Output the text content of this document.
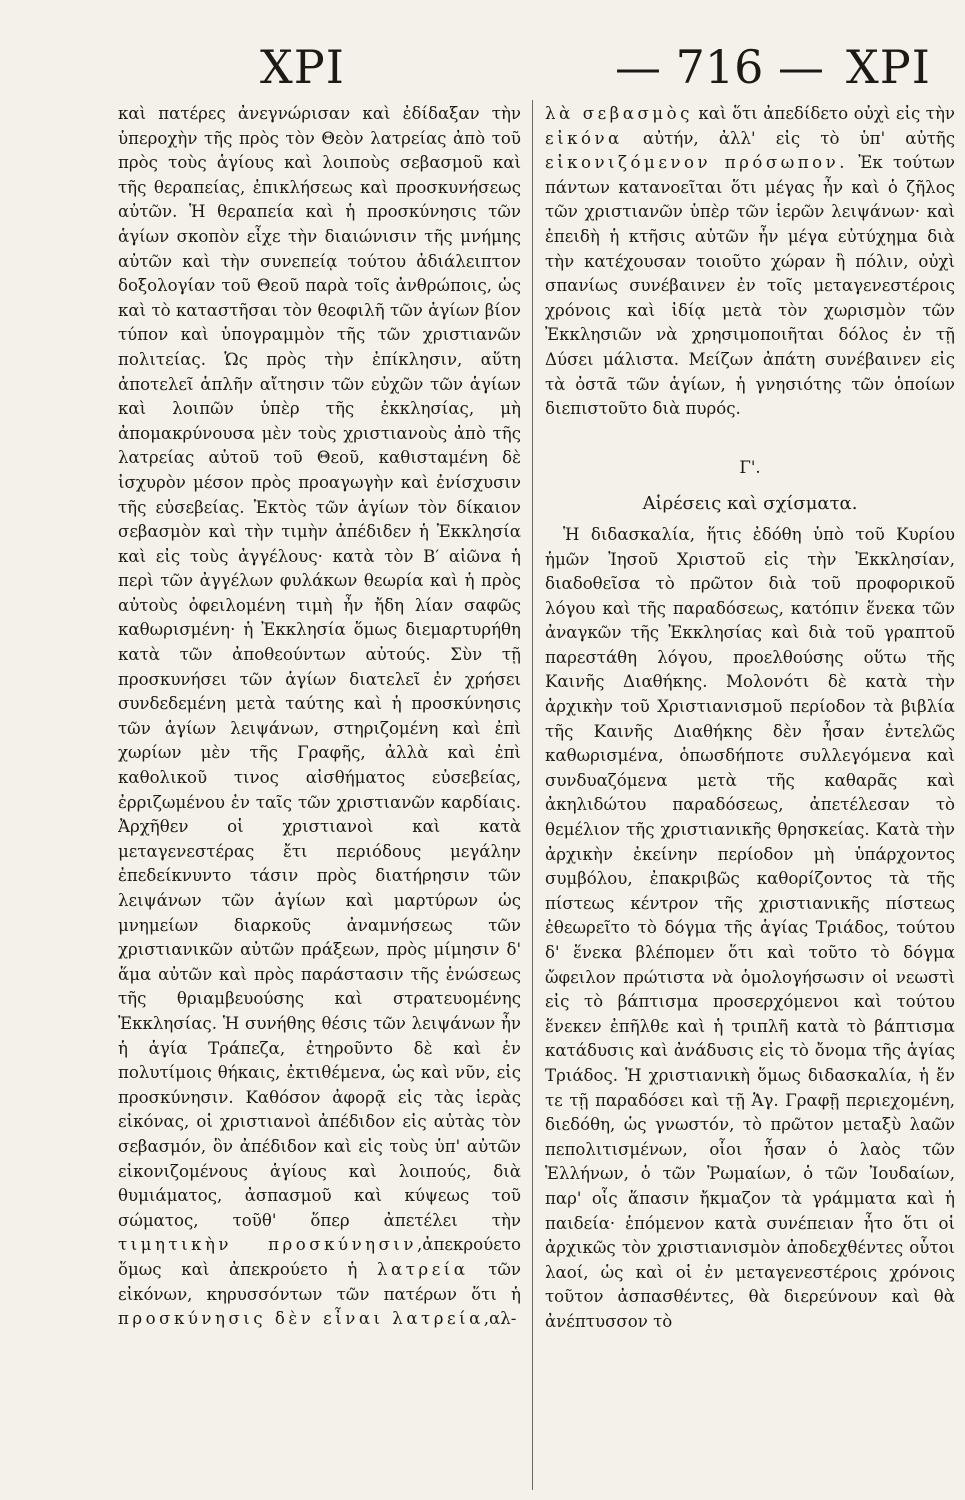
ΧΡΙ	— 716 — ΧΡΙ

καὶ πατέρες ἀνεγνώρισαν καὶ ἐδίδαξαν τὴν ὑπεροχὴν τῆς πρὸς τὸν Θεὸν λατρείας ἀπὸ τοῦ πρὸς τοὺς ἁγίους καὶ λοιποὺς σεβασμοῦ καὶ τῆς θεραπείας, ἐπικλήσεως καὶ προσκυνήσεως αὐτῶν. Ἡ θεραπεία καὶ ἡ προσκύνησις τῶν ἁγίων σκοπὸν εἶχε τὴν διαιώνισιν τῆς μνήμης αὐτῶν καὶ τὴν συνεπείᾳ τούτου ἀδιάλειπτον δοξολογίαν τοῦ Θεοῦ παρὰ τοῖς ἀνθρώποις, ὡς καὶ τὸ καταστῆσαι τὸν θεοφιλῆ τῶν ἁγίων βίον τύπον καὶ ὑπογραμμὸν τῆς τῶν χριστιανῶν πολιτείας. Ὡς πρὸς τὴν ἐπίκλησιν, αὕτη ἀποτελεῖ ἁπλῆν αἴτησιν τῶν εὐχῶν τῶν ἁγίων καὶ λοιπῶν ὑπὲρ τῆς ἐκκλησίας, μὴ ἀπομακρύνουσα μὲν τοὺς χριστιανοὺς ἀπὸ τῆς λατρείας αὐτοῦ τοῦ Θεοῦ, καθισταμένη δὲ ἰσχυρὸν μέσον πρὸς προαγωγὴν καὶ ἐνίσχυσιν τῆς εὐσεβείας. Ἐκτὸς τῶν ἁγίων τὸν δίκαιον σεβασμὸν καὶ τὴν τιμὴν ἀπέδιδεν ἡ Ἐκκλησία καὶ εἰς τοὺς ἀγγέλους· κατὰ τὸν Β′ αἰῶνα ἡ περὶ τῶν ἀγγέλων φυλάκων θεωρία καὶ ἡ πρὸς αὐτοὺς ὀφειλομένη τιμὴ ἦν ἤδη λίαν σαφῶς καθωρισμένη· ἡ Ἐκκλησία ὅμως διεμαρτυρήθη κατὰ τῶν ἀποθεούντων αὐτούς. Σὺν τῇ προσκυνήσει τῶν ἁγίων διατελεῖ ἐν χρήσει συνδεδεμένη μετὰ ταύτης καὶ ἡ προσκύνησις τῶν ἁγίων λειψάνων, στηριζομένη καὶ ἐπὶ χωρίων μὲν τῆς Γραφῆς, ἀλλὰ καὶ ἐπὶ καθολικοῦ τινος αἰσθήματος εὐσεβείας, ἐρριζωμένου ἐν ταῖς τῶν χριστιανῶν καρδίαις. Ἀρχῆθεν οἱ χριστιανοὶ καὶ κατὰ μεταγενεστέρας ἔτι περιόδους μεγάλην ἐπεδείκνυντο τάσιν πρὸς διατήρησιν τῶν λειψάνων τῶν ἁγίων καὶ μαρτύρων ὡς μνημείων διαρκοῦς ἀναμνήσεως τῶν χριστιανικῶν αὐτῶν πράξεων, πρὸς μίμησιν δ' ἅμα αὐτῶν καὶ πρὸς παράστασιν τῆς ἑνώσεως τῆς θριαμβευούσης καὶ στρατευομένης Ἐκκλησίας. Ἡ συνήθης θέσις τῶν λειψάνων ἦν ἡ ἁγία Τράπεζα, ἐτηροῦντο δὲ καὶ ἐν πολυτίμοις θήκαις, ἐκτιθέμενα, ὡς καὶ νῦν, εἰς προσκύνησιν. Καθόσον ἀφορᾷ εἰς τὰς ἱερὰς εἰκόνας, οἱ χριστιανοὶ ἀπέδιδον εἰς αὐτὰς τὸν σεβασμόν, ὃν ἀπέδιδον καὶ εἰς τοὺς ὑπ' αὐτῶν εἰκονιζομένους ἁγίους καὶ λοιπούς, διὰ θυμιάματος, ἀσπασμοῦ καὶ κύψεως τοῦ σώματος, τοῦθ' ὅπερ ἀπετέλει τὴν τιμητικὴν προσκύνησιν,ἀπεκρούετο ὅμως καὶ ἀπεκρούετο ἡ λατρεία τῶν εἰκόνων, κηρυσσόντων τῶν πατέρων ὅτι ἡ προσκύνησις δὲν εἶναι λατρεία,αλ-

λὰ σεβασμὸς καὶ ὅτι ἀπεδίδετο οὐχὶ εἰς τὴν εἰκόνα αὐτήν, ἀλλ' εἰς τὸ ὑπ' αὐτῆς εἰκονιζόμενον πρόσωπον. Ἐκ τούτων πάντων κατανοεῖται ὅτι μέγας ἦν καὶ ὁ ζῆλος τῶν χριστιανῶν ὑπὲρ τῶν ἱερῶν λειψάνων· καὶ ἐπειδὴ ἡ κτῆσις αὐτῶν ἦν μέγα εὐτύχημα διὰ τὴν κατέχουσαν τοιοῦτο χώραν ἢ πόλιν, οὐχὶ σπανίως συνέβαινεν ἐν τοῖς μεταγενεστέροις χρόνοις καὶ ἰδίᾳ μετὰ τὸν χωρισμὸν τῶν Ἐκκλησιῶν νὰ χρησιμοποιῆται δόλος ἐν τῇ Δύσει μάλιστα. Μείζων ἀπάτη συνέβαινεν εἰς τὰ ὀστᾶ τῶν ἁγίων, ἡ γνησιότης τῶν ὁποίων διεπιστοῦτο διὰ πυρός.

Γ'.
Αἱρέσεις καὶ σχίσματα.

Ἡ διδασκαλία, ἥτις ἐδόθη ὑπὸ τοῦ Κυρίου ἡμῶν Ἰησοῦ Χριστοῦ εἰς τὴν Ἐκκλησίαν, διαδοθεῖσα τὸ πρῶτον διὰ τοῦ προφορικοῦ λόγου καὶ τῆς παραδόσεως, κατόπιν ἕνεκα τῶν ἀναγκῶν τῆς Ἐκκλησίας καὶ διὰ τοῦ γραπτοῦ παρεστάθη λόγου, προελθούσης οὕτω τῆς Καινῆς Διαθήκης. Μολονότι δὲ κατὰ τὴν ἀρχικὴν τοῦ Χριστιανισμοῦ περίοδον τὰ βιβλία τῆς Καινῆς Διαθήκης δὲν ἦσαν ἐντελῶς καθωρισμένα, ὁπωσδήποτε συλλεγόμενα καὶ συνδυαζόμενα μετὰ τῆς καθαρᾶς καὶ ἀκηλιδώτου παραδόσεως, ἀπετέλεσαν τὸ θεμέλιον τῆς χριστιανικῆς θρησκείας. Κατὰ τὴν ἀρχικὴν ἐκείνην περίοδον μὴ ὑπάρχοντος συμβόλου, ἐπακριβῶς καθορίζοντος τὰ τῆς πίστεως κέντρον τῆς χριστιανικῆς πίστεως ἐθεωρεῖτο τὸ δόγμα τῆς ἁγίας Τριάδος, τούτου δ' ἕνεκα βλέπομεν ὅτι καὶ τοῦτο τὸ δόγμα ὤφειλον πρώτιστα νὰ ὁμολογήσωσιν οἱ νεωστὶ εἰς τὸ βάπτισμα προσερχόμενοι καὶ τούτου ἕνεκεν ἐπῆλθε καὶ ἡ τριπλῆ κατὰ τὸ βάπτισμα κατάδυσις καὶ ἀνάδυσις εἰς τὸ ὄνομα τῆς ἁγίας Τριάδος. Ἡ χριστιανικὴ ὅμως διδασκαλία, ἡ ἔν τε τῇ παραδόσει καὶ τῇ Ἁγ. Γραφῇ περιεχομένη, διεδόθη, ὡς γνωστόν, τὸ πρῶτον μεταξὺ λαῶν πεπολιτισμένων, οἷοι ἦσαν ὁ λαὸς τῶν Ἑλλήνων, ὁ τῶν Ῥωμαίων, ὁ τῶν Ἰουδαίων, παρ' οἷς ἅπασιν ἤκμαζον τὰ γράμματα καὶ ἡ παιδεία· ἑπόμενον κατὰ συνέπειαν ἦτο ὅτι οἱ ἀρχικῶς τὸν χριστιανισμὸν ἀποδεχθέντες οὗτοι λαοί, ὡς καὶ οἱ ἐν μεταγενεστέροις χρόνοις τοῦτον ἀσπασθέντες, θὰ διερεύνουν καὶ θὰ ἀνέπτυσσον τὸ
